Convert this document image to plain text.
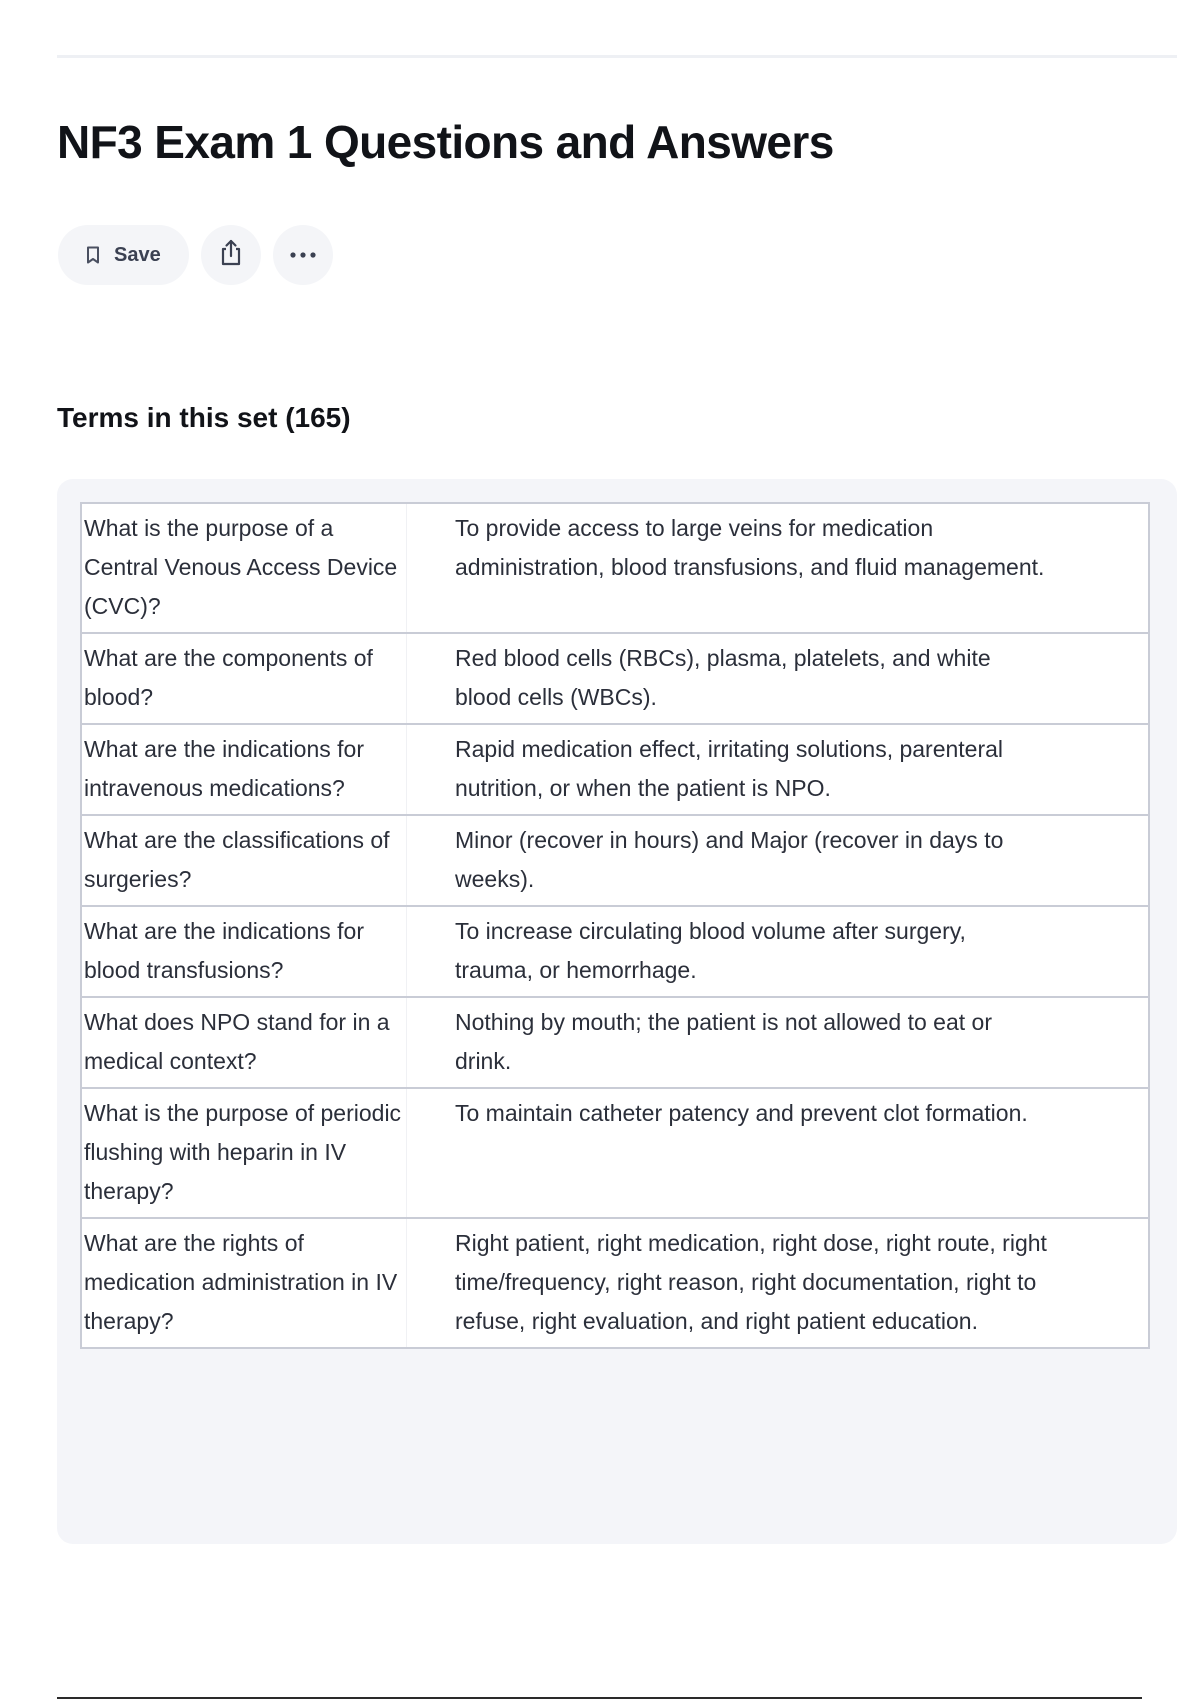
NF3 Exam 1 Questions and Answers
Save
Terms in this set (165)
What is the purpose of a Central Venous Access Device (CVC)?	To provide access to large veins for medication administration, blood transfusions, and fluid management.
What are the components of blood?	Red blood cells (RBCs), plasma, platelets, and white blood cells (WBCs).
What are the indications for intravenous medications?	Rapid medication effect, irritating solutions, parenteral nutrition, or when the patient is NPO.
What are the classifications of surgeries?	Minor (recover in hours) and Major (recover in days to weeks).
What are the indications for blood transfusions?	To increase circulating blood volume after surgery, trauma, or hemorrhage.
What does NPO stand for in a medical context?	Nothing by mouth; the patient is not allowed to eat or drink.
What is the purpose of periodic flushing with heparin in IV therapy?	To maintain catheter patency and prevent clot formation.
What are the rights of medication administration in IV therapy?	Right patient, right medication, right dose, right route, right time/frequency, right reason, right documentation, right to refuse, right evaluation, and right patient education.
